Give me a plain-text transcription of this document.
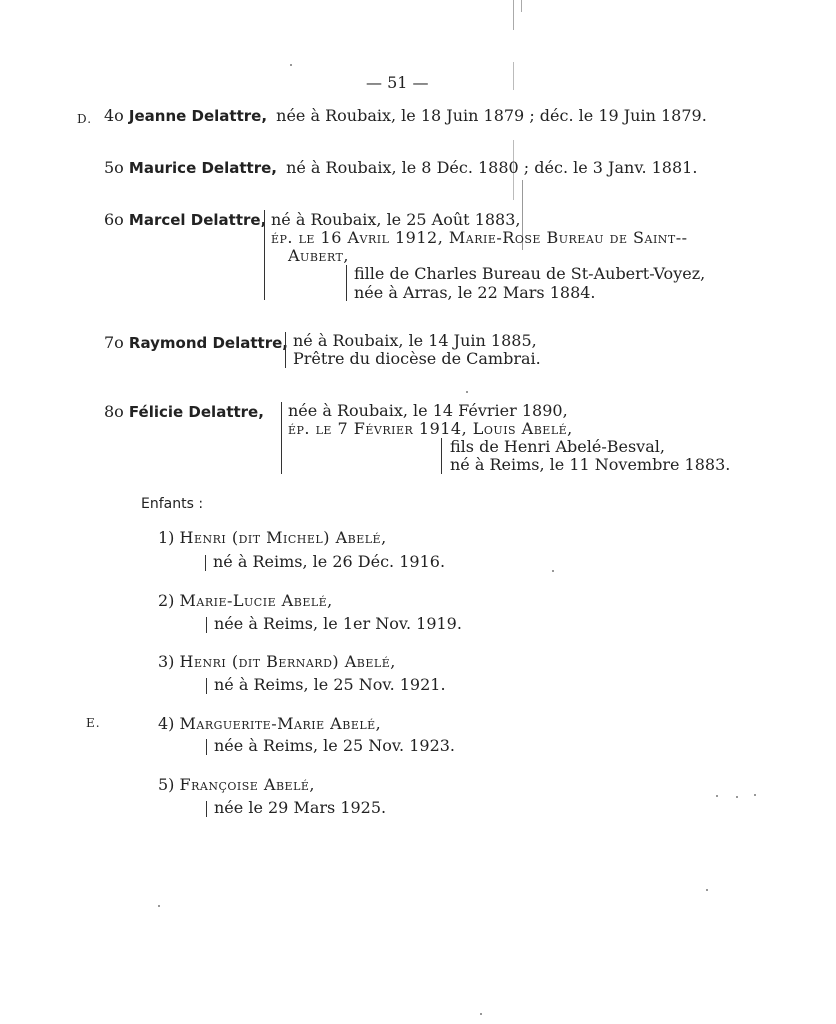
— 51 —
D.
E.
4o Jeanne Delattre, née à Roubaix, le 18 Juin 1879 ; déc. le 19 Juin 1879.
5o Maurice Delattre, né à Roubaix, le 8 Déc. 1880 ; déc. le 3 Janv. 1881.
6o Marcel Delattre, né à Roubaix, le 25 Août 1883,
ép. le 16 Avril 1912, Marie-Rose Bureau de Saint--
Aubert,
fille de Charles Bureau de St-Aubert-Voyez,
née à Arras, le 22 Mars 1884.
7o Raymond Delattre, né à Roubaix, le 14 Juin 1885,
Prêtre du diocèse de Cambrai.
8o Félicie Delattre, née à Roubaix, le 14 Février 1890,
ép. le 7 Février 1914, Louis Abelé,
fils de Henri Abelé-Besval,
né à Reims, le 11 Novembre 1883.
Enfants :
1) Henri (dit Michel) Abelé,
né à Reims, le 26 Déc. 1916.
2) Marie-Lucie Abelé,
née à Reims, le 1er Nov. 1919.
3) Henri (dit Bernard) Abelé,
né à Reims, le 25 Nov. 1921.
4) Marguerite-Marie Abelé,
née à Reims, le 25 Nov. 1923.
5) Françoise Abelé,
née le 29 Mars 1925.
